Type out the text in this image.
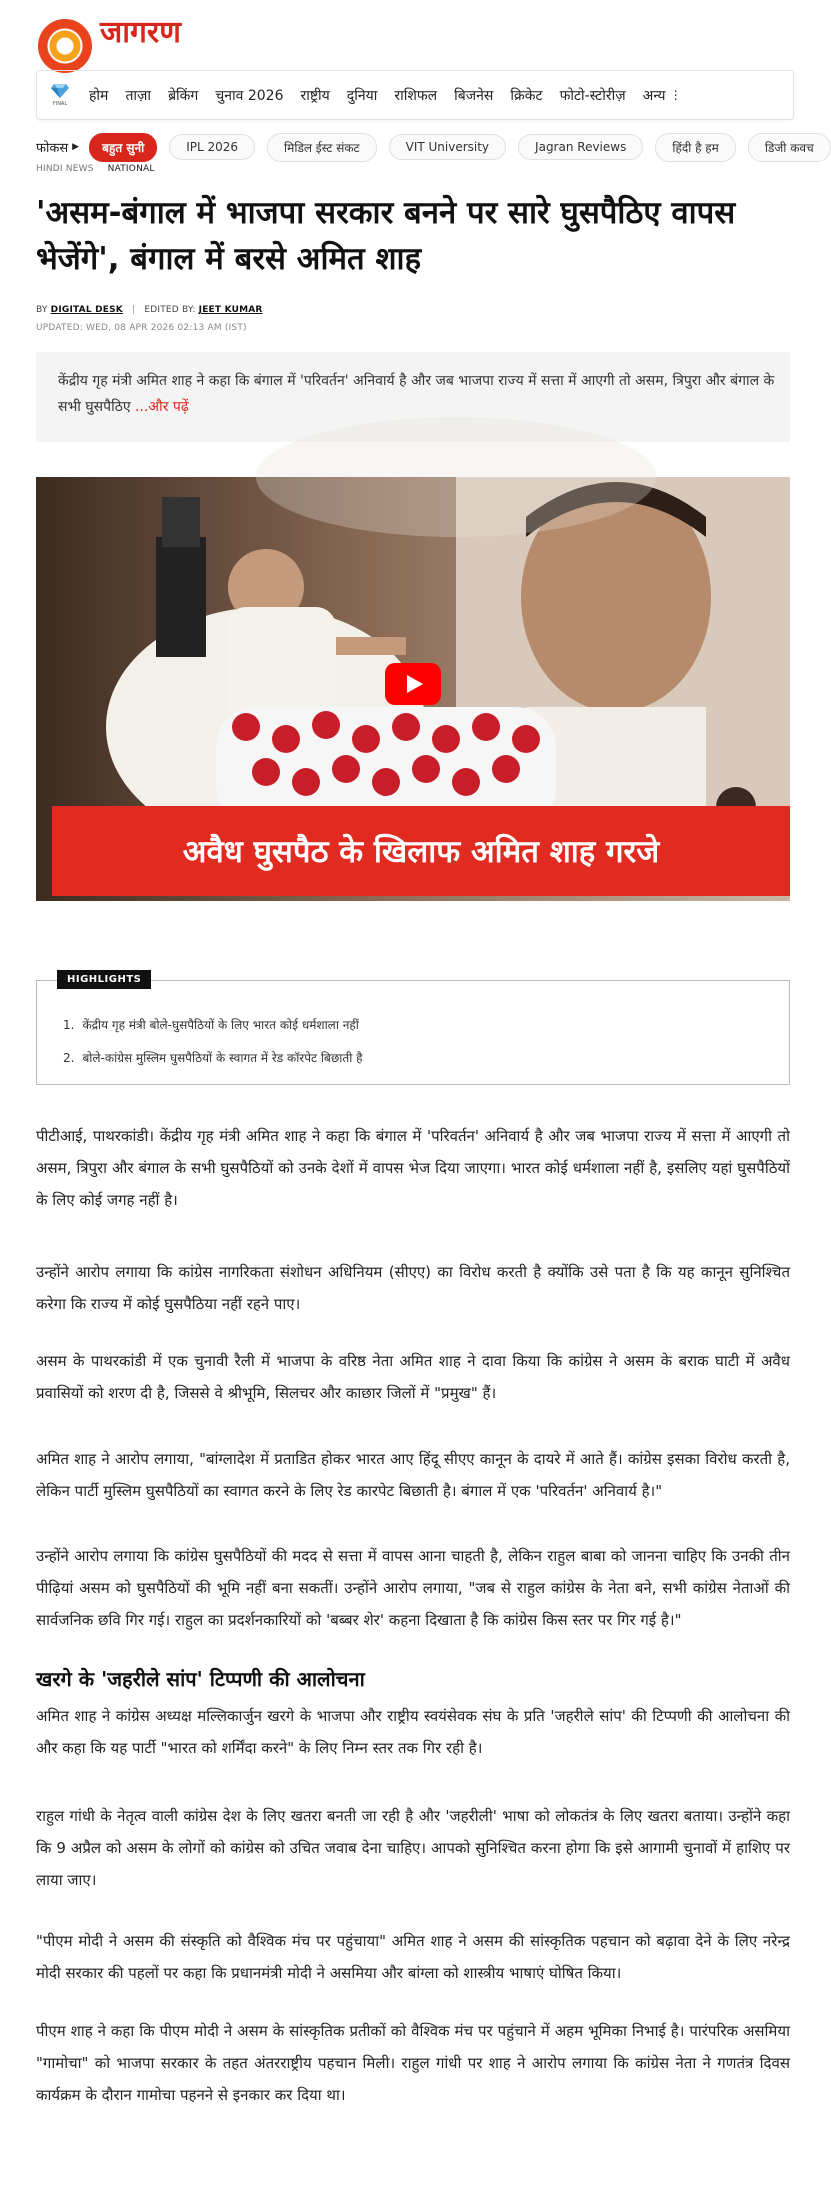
जागरण
FINAL
होम ताज़ा ब्रेकिंग चुनाव 2026 राष्ट्रीय दुनिया राशिफल बिजनेस क्रिकेट फोटो-स्टोरीज़ अन्य ⋮
फोकस ▶	बहुत सुनी	IPL 2026	मिडिल ईस्ट संकट	VIT University	Jagran Reviews	हिंदी है हम	डिजी कवच
HINDI NEWS NATIONAL
'असम-बंगाल में भाजपा सरकार बनने पर सारे घुसपैठिए वापस भेजेंगे', बंगाल में बरसे अमित शाह
BY DIGITAL DESK | EDITED BY: JEET KUMAR
UPDATED: WED, 08 APR 2026 02:13 AM (IST)
केंद्रीय गृह मंत्री अमित शाह ने कहा कि बंगाल में 'परिवर्तन' अनिवार्य है और जब भाजपा राज्य में सत्ता में आएगी तो असम, त्रिपुरा और बंगाल के सभी घुसपैठिए ...और पढ़ें
अवैध घुसपैठ के खिलाफ अमित शाह गरजे
HIGHLIGHTS
1. केंद्रीय गृह मंत्री बोले-घुसपैठियों के लिए भारत कोई धर्मशाला नहीं
2. बोले-कांग्रेस मुस्लिम घुसपैठियों के स्वागत में रेड कॉरपेट बिछाती है

पीटीआई, पाथरकांडी। केंद्रीय गृह मंत्री अमित शाह ने कहा कि बंगाल में 'परिवर्तन' अनिवार्य है और जब भाजपा राज्य में सत्ता में आएगी तो असम, त्रिपुरा और बंगाल के सभी घुसपैठियों को उनके देशों में वापस भेज दिया जाएगा। भारत कोई धर्मशाला नहीं है, इसलिए यहां घुसपैठियों के लिए कोई जगह नहीं है।

उन्होंने आरोप लगाया कि कांग्रेस नागरिकता संशोधन अधिनियम (सीएए) का विरोध करती है क्योंकि उसे पता है कि यह कानून सुनिश्चित करेगा कि राज्य में कोई घुसपैठिया नहीं रहने पाए।

असम के पाथरकांडी में एक चुनावी रैली में भाजपा के वरिष्ठ नेता अमित शाह ने दावा किया कि कांग्रेस ने असम के बराक घाटी में अवैध प्रवासियों को शरण दी है, जिससे वे श्रीभूमि, सिलचर और काछार जिलों में "प्रमुख" हैं।

अमित शाह ने आरोप लगाया, "बांग्लादेश में प्रताडित होकर भारत आए हिंदू सीएए कानून के दायरे में आते हैं। कांग्रेस इसका विरोध करती है, लेकिन पार्टी मुस्लिम घुसपैठियों का स्वागत करने के लिए रेड कारपेट बिछाती है। बंगाल में एक 'परिवर्तन' अनिवार्य है।"

उन्होंने आरोप लगाया कि कांग्रेस घुसपैठियों की मदद से सत्ता में वापस आना चाहती है, लेकिन राहुल बाबा को जानना चाहिए कि उनकी तीन पीढ़ियां असम को घुसपैठियों की भूमि नहीं बना सकतीं। उन्होंने आरोप लगाया, "जब से राहुल कांग्रेस के नेता बने, सभी कांग्रेस नेताओं की सार्वजनिक छवि गिर गई। राहुल का प्रदर्शनकारियों को 'बब्बर शेर' कहना दिखाता है कि कांग्रेस किस स्तर पर गिर गई है।"

खरगे के 'जहरीले सांप' टिप्पणी की आलोचना

अमित शाह ने कांग्रेस अध्यक्ष मल्लिकार्जुन खरगे के भाजपा और राष्ट्रीय स्वयंसेवक संघ के प्रति 'जहरीले सांप' की टिप्पणी की आलोचना की और कहा कि यह पार्टी "भारत को शर्मिंदा करने" के लिए निम्न स्तर तक गिर रही है।

राहुल गांधी के नेतृत्व वाली कांग्रेस देश के लिए खतरा बनती जा रही है और 'जहरीली' भाषा को लोकतंत्र के लिए खतरा बताया। उन्होंने कहा कि 9 अप्रैल को असम के लोगों को कांग्रेस को उचित जवाब देना चाहिए। आपको सुनिश्चित करना होगा कि इसे आगामी चुनावों में हाशिए पर लाया जाए।

"पीएम मोदी ने असम की संस्कृति को वैश्विक मंच पर पहुंचाया" अमित शाह ने असम की सांस्कृतिक पहचान को बढ़ावा देने के लिए नरेन्द्र मोदी सरकार की पहलों पर कहा कि प्रधानमंत्री मोदी ने असमिया और बांग्ला को शास्त्रीय भाषाएं घोषित किया।

पीएम शाह ने कहा कि पीएम मोदी ने असम के सांस्कृतिक प्रतीकों को वैश्विक मंच पर पहुंचाने में अहम भूमिका निभाई है। पारंपरिक असमिया "गामोचा" को भाजपा सरकार के तहत अंतरराष्ट्रीय पहचान मिली। राहुल गांधी पर शाह ने आरोप लगाया कि कांग्रेस नेता ने गणतंत्र दिवस कार्यक्रम के दौरान गामोचा पहनने से इनकार कर दिया था।
